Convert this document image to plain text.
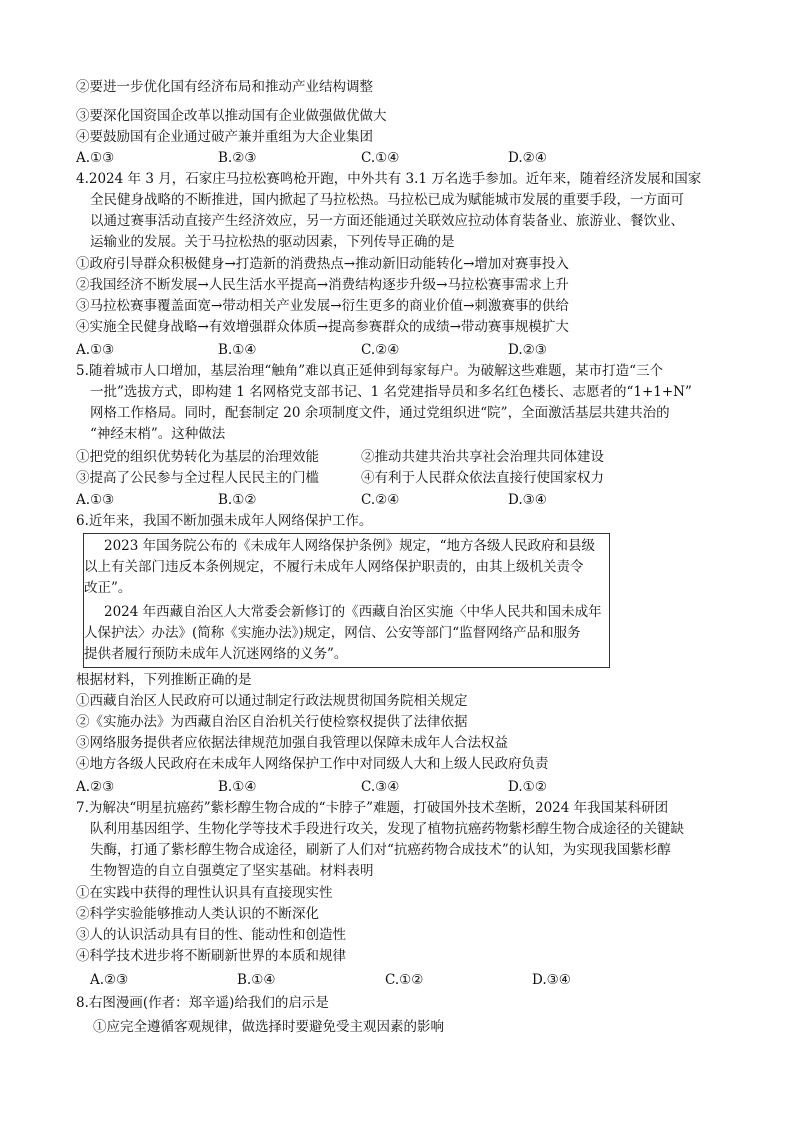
②要进一步优化国有经济布局和推动产业结构调整
③要深化国资国企改革以推动国有企业做强做优做大
④要鼓励国有企业通过破产兼并重组为大企业集团
A.①③	B.②③	C.①④	D.②④
4.2024 年 3 月，石家庄马拉松赛鸣枪开跑，中外共有 3.1 万名选手参加。近年来，随着经济发展和国家
全民健身战略的不断推进，国内掀起了马拉松热。马拉松已成为赋能城市发展的重要手段，一方面可
以通过赛事活动直接产生经济效应，另一方面还能通过关联效应拉动体育装备业、旅游业、餐饮业、
运输业的发展。关于马拉松热的驱动因素，下列传导正确的是
①政府引导群众积极健身→打造新的消费热点→推动新旧动能转化→增加对赛事投入
②我国经济不断发展→人民生活水平提高→消费结构逐步升级→马拉松赛事需求上升
③马拉松赛事覆盖面宽→带动相关产业发展→衍生更多的商业价值→刺激赛事的供给
④实施全民健身战略→有效增强群众体质→提高参赛群众的成绩→带动赛事规模扩大
A.①③	B.①④	C.②④	D.②③
5.随着城市人口增加，基层治理“触角”难以真正延伸到每家每户。为破解这些难题，某市打造“三个
一批”选拔方式，即构建 1 名网格党支部书记、1 名党建指导员和多名红色楼长、志愿者的“1+1+N”
网格工作格局。同时，配套制定 20 余项制度文件，通过党组织进“院”，全面激活基层共建共治的
“神经末梢”。这种做法
①把党的组织优势转化为基层的治理效能	②推动共建共治共享社会治理共同体建设
③提高了公民参与全过程人民民主的门槛	④有利于人民群众依法直接行使国家权力
A.①③	B.①②	C.②④	D.③④
6.近年来，我国不断加强未成年人网络保护工作。
2023 年国务院公布的《未成年人网络保护条例》规定，“地方各级人民政府和县级
以上有关部门违反本条例规定，不履行未成年人网络保护职责的，由其上级机关责令
改正”。
2024 年西藏自治区人大常委会新修订的《西藏自治区实施〈中华人民共和国未成年
人保护法〉办法》(简称《实施办法》)规定，网信、公安等部门“监督网络产品和服务
提供者履行预防未成年人沉迷网络的义务”。
根据材料，下列推断正确的是
①西藏自治区人民政府可以通过制定行政法规贯彻国务院相关规定
②《实施办法》为西藏自治区自治机关行使检察权提供了法律依据
③网络服务提供者应依据法律规范加强自我管理以保障未成年人合法权益
④地方各级人民政府在未成年人网络保护工作中对同级人大和上级人民政府负责
A.②③	B.①④	C.③④	D.①②
7.为解决“明星抗癌药”紫杉醇生物合成的“卡脖子”难题，打破国外技术垄断，2024 年我国某科研团
队利用基因组学、生物化学等技术手段进行攻关，发现了植物抗癌药物紫杉醇生物合成途径的关键缺
失酶，打通了紫杉醇生物合成途径，刷新了人们对“抗癌药物合成技术”的认知，为实现我国紫杉醇
生物智造的自立自强奠定了坚实基础。材料表明
①在实践中获得的理性认识具有直接现实性
②科学实验能够推动人类认识的不断深化
③人的认识活动具有目的性、能动性和创造性
④科学技术进步将不断刷新世界的本质和规律
A.②③	B.①④	C.①②	D.③④
8.右图漫画(作者：郑辛遥)给我们的启示是
①应完全遵循客观规律，做选择时要避免受主观因素的影响
